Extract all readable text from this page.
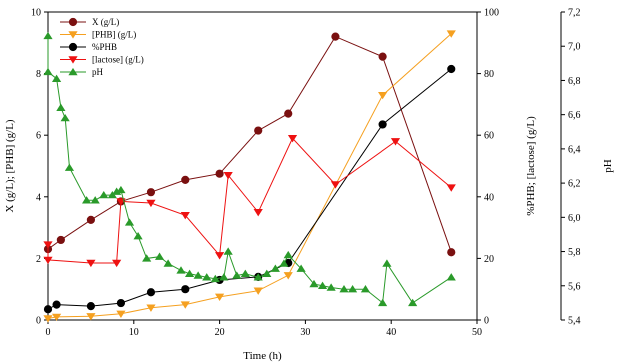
0	10	20	30	40	50
0
2
4
6
8
10
0
20
40
60
80
100
5,4
5,6
5,8
6,0
6,2
6,4
6,6
6,8
7,0
7,2
X (g/L)
[PHB] (g/L)
%PHB
[lactose] (g/L)
pH
Time (h)
X (g/L); [PHB] (g/L)	%PHB; [lactose] (g/L)	pH
